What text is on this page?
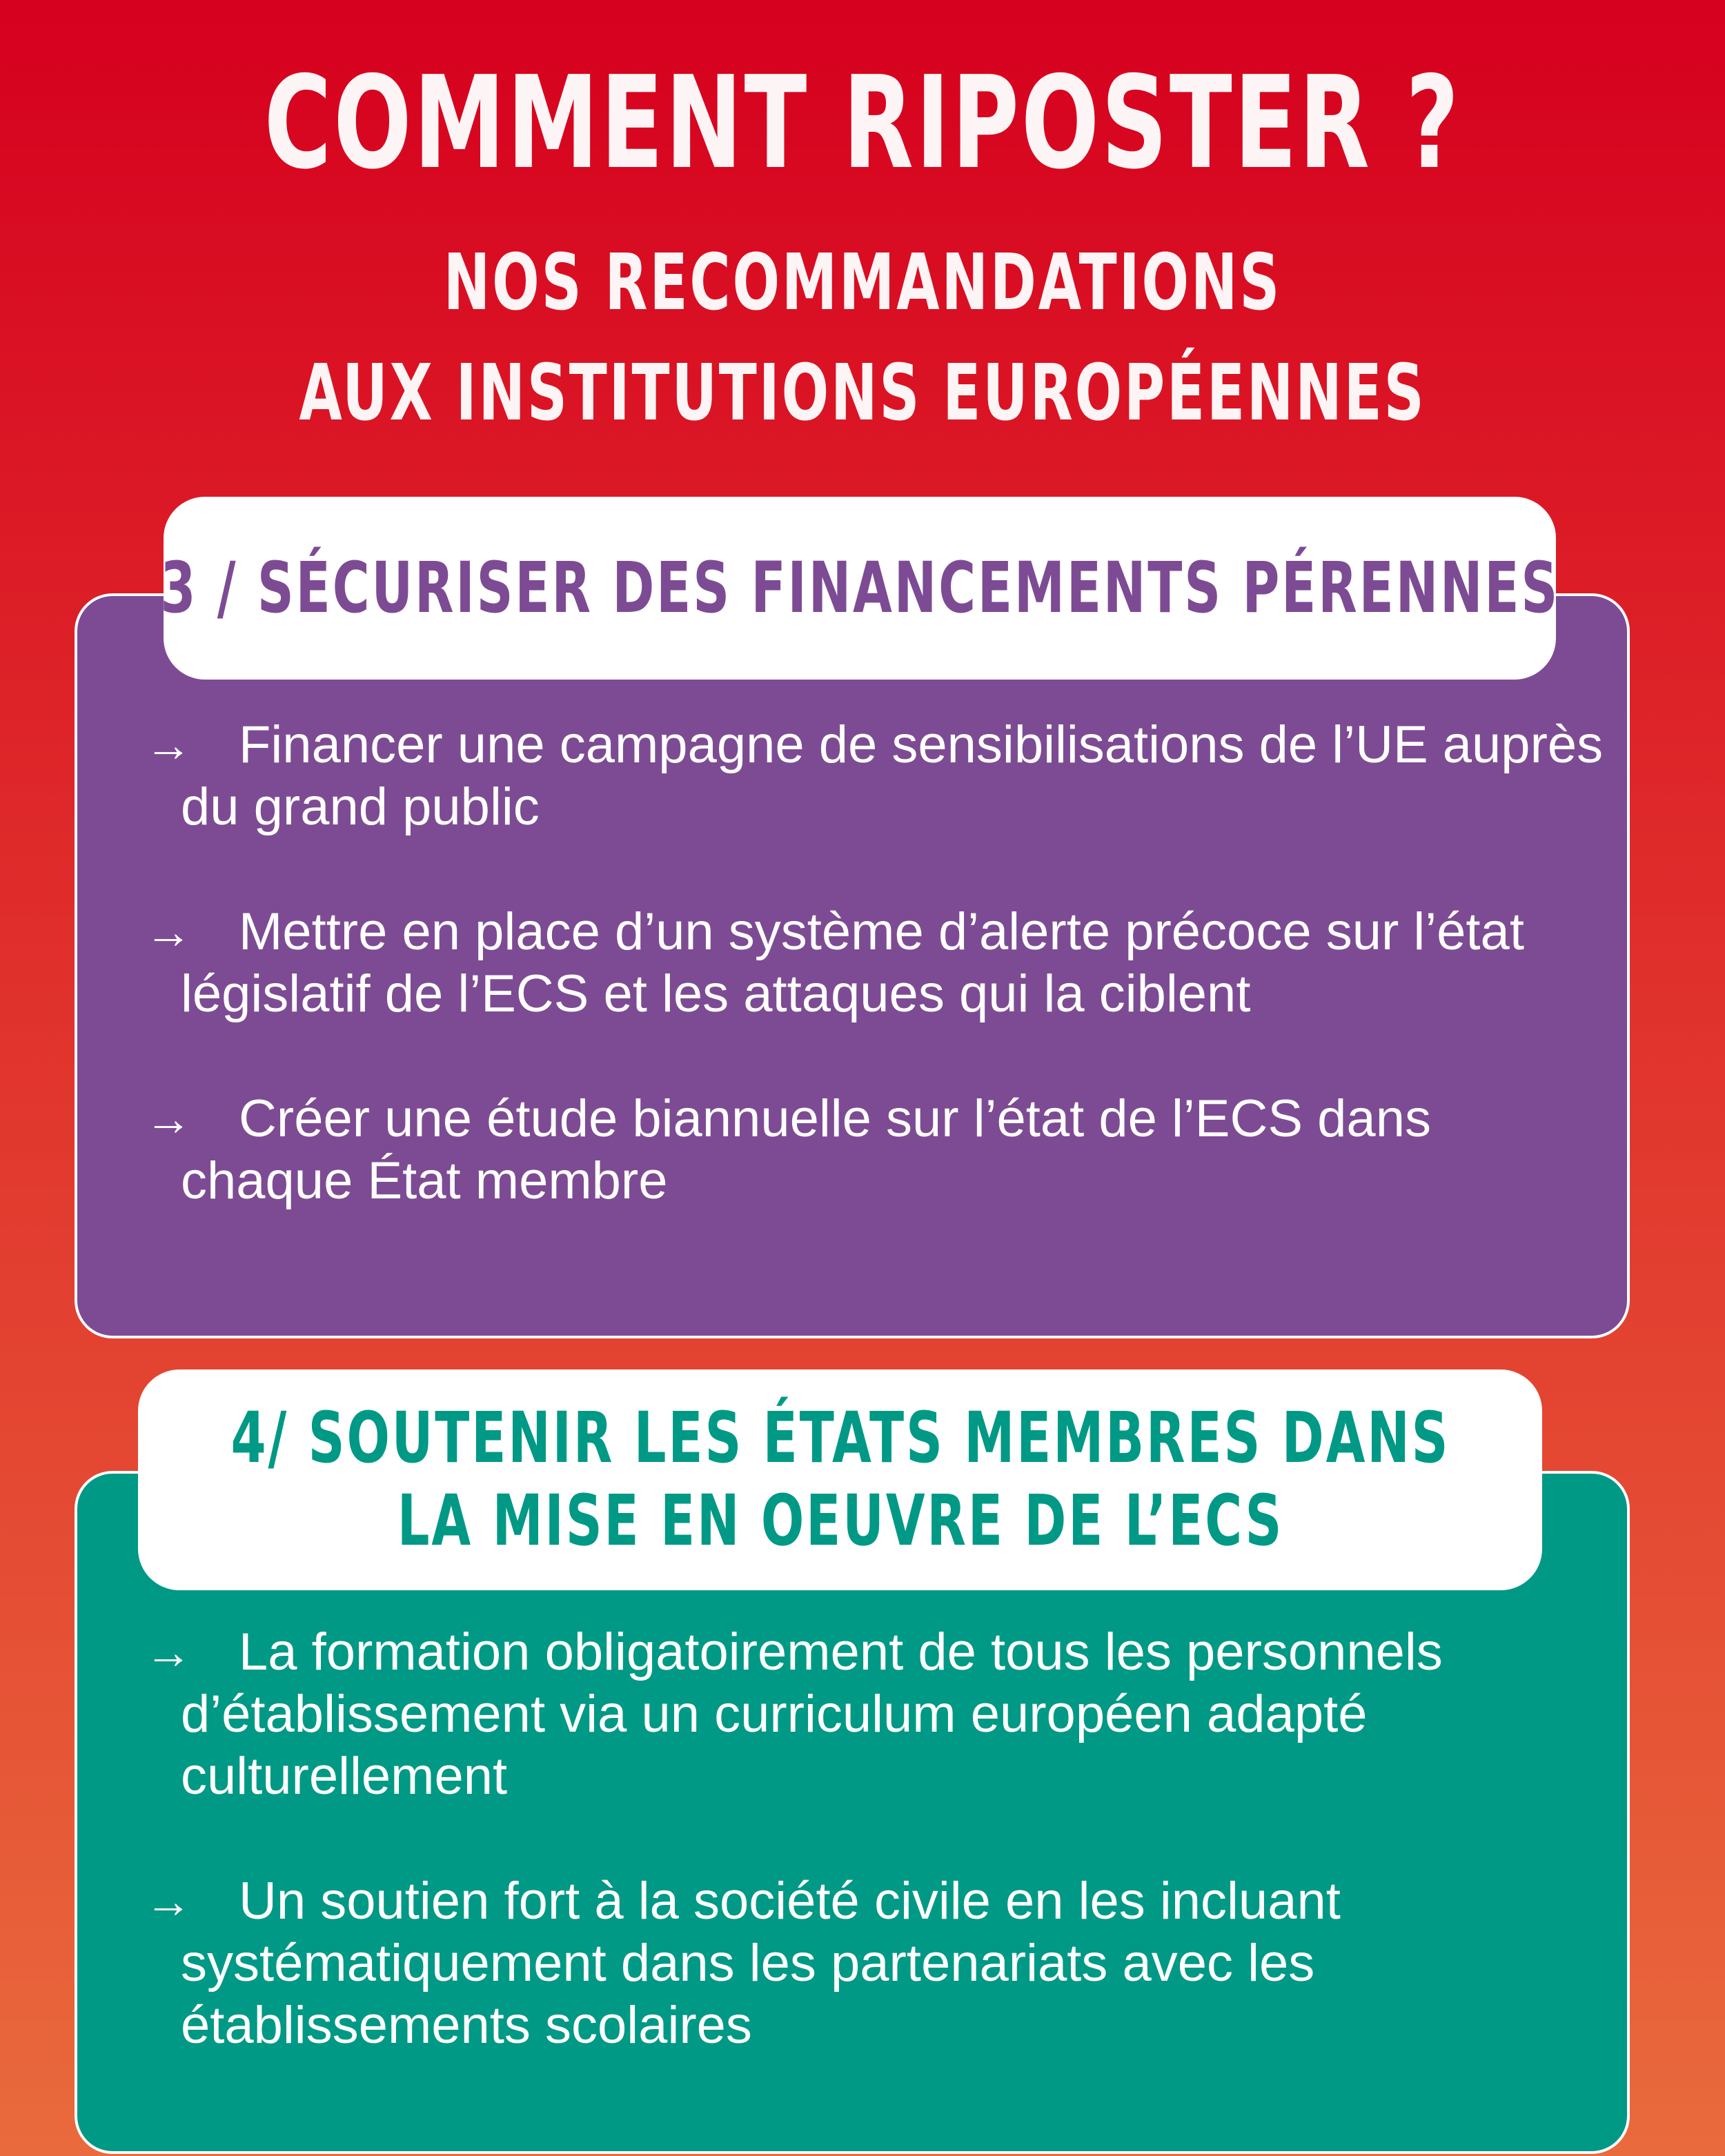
COMMENT RIPOSTER ?
NOS RECOMMANDATIONS
AUX INSTITUTIONS EUROPÉENNES
3 / SÉCURISER DES FINANCEMENTS PÉRENNES
→ Financer une campagne de sensibilisations de l’UE auprès du grand public
→ Mettre en place d’un système d’alerte précoce sur l’état législatif de l’ECS et les attaques qui la ciblent
→ Créer une étude biannuelle sur l’état de l’ECS dans chaque État membre
4/ SOUTENIR LES ÉTATS MEMBRES DANS
LA MISE EN OEUVRE DE L’ECS
→ La formation obligatoirement de tous les personnels d’établissement via un curriculum européen adapté culturellement
→ Un soutien fort à la société civile en les incluant systématiquement dans les partenariats avec les établissements scolaires
